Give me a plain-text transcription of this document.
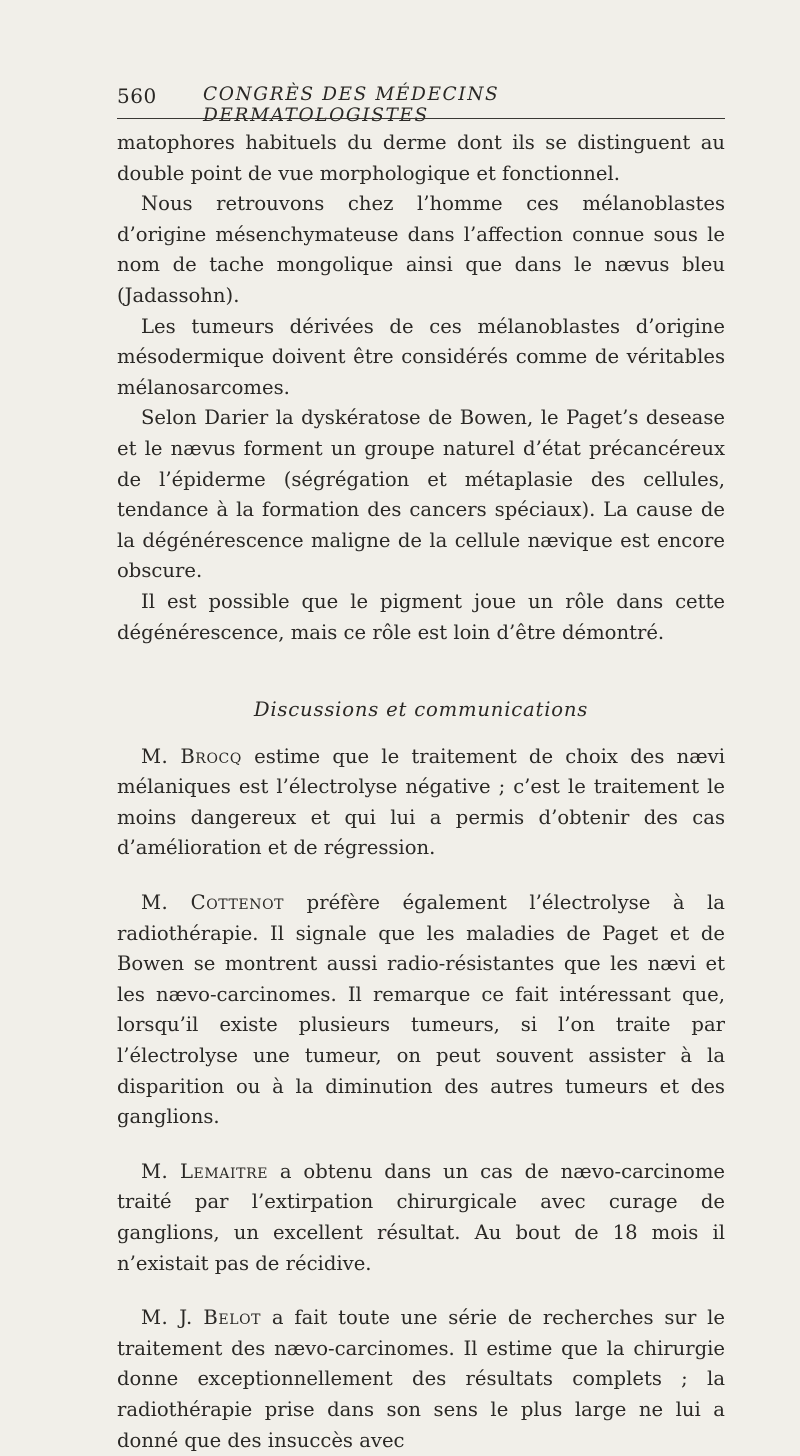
560	CONGRÈS DES MÉDECINS DERMATOLOGISTES

matophores habituels du derme dont ils se distinguent au double point de vue morphologique et fonctionnel.

Nous retrouvons chez l’homme ces mélanoblastes d’origine mésenchymateuse dans l’affection connue sous le nom de tache mongolique ainsi que dans le nævus bleu (Jadassohn).

Les tumeurs dérivées de ces mélanoblastes d’origine mésodermique doivent être considérés comme de véritables mélanosarcomes.

Selon Darier la dyskératose de Bowen, le Paget’s desease et le nævus forment un groupe naturel d’état précancéreux de l’épiderme (ségrégation et métaplasie des cellules, tendance à la formation des cancers spéciaux). La cause de la dégénérescence maligne de la cellule nævique est encore obscure.

Il est possible que le pigment joue un rôle dans cette dégénérescence, mais ce rôle est loin d’être démontré.

Discussions et communications

M. Brocq estime que le traitement de choix des nævi mélaniques est l’électrolyse négative ; c’est le traitement le moins dangereux et qui lui a permis d’obtenir des cas d’amélioration et de régression.

M. Cottenot préfère également l’électrolyse à la radiothérapie. Il signale que les maladies de Paget et de Bowen se montrent aussi radio-résistantes que les nævi et les nævo-carcinomes. Il remarque ce fait intéressant que, lorsqu’il existe plusieurs tumeurs, si l’on traite par l’électrolyse une tumeur, on peut souvent assister à la disparition ou à la diminution des autres tumeurs et des ganglions.

M. Lemaitre a obtenu dans un cas de nævo-carcinome traité par l’extirpation chirurgicale avec curage de ganglions, un excellent résultat. Au bout de 18 mois il n’existait pas de récidive.

M. J. Belot a fait toute une série de recherches sur le traitement des nævo-carcinomes. Il estime que la chirurgie donne exceptionnellement des résultats complets ; la radiothérapie prise dans son sens le plus large ne lui a donné que des insuccès avec
